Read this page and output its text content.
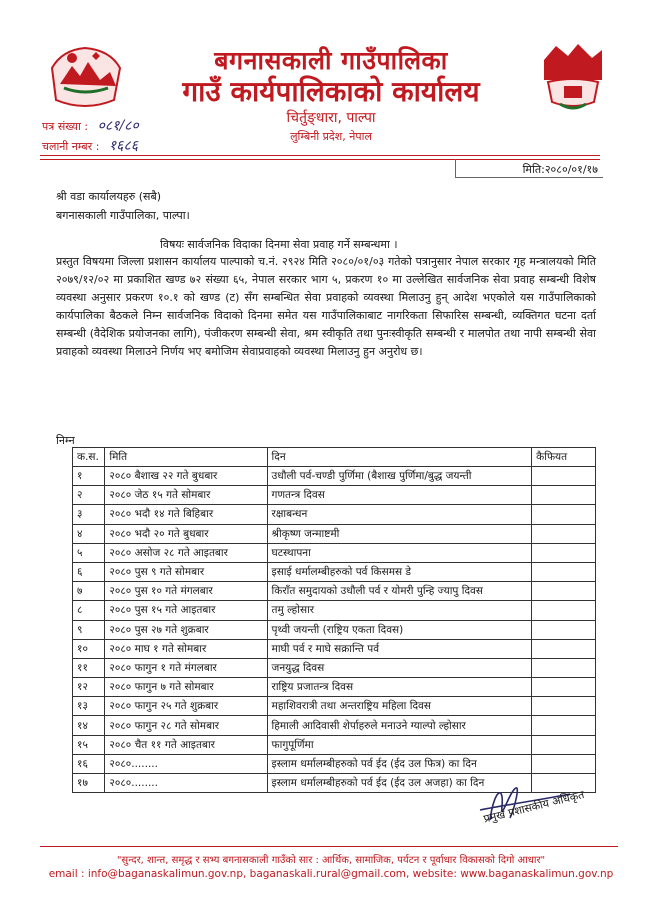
बगनासकाली गाउँपालिका
गाउँ कार्यपालिकाको कार्यालय
चिर्तुङ्धारा, पाल्पा
लुम्बिनी प्रदेश, नेपाल
पत्र संख्या : ०८१/८०
चलानी नम्बर : १६८६
मिति:२०८०/०१/१७
श्री वडा कार्यालयहरु (सबै)
बगनासकाली गाउँपालिका, पाल्पा।
विषयः सार्वजनिक विदाका दिनमा सेवा प्रवाह गर्ने सम्बन्धमा ।
प्रस्तुत विषयमा जिल्ला प्रशासन कार्यालय पाल्पाको च.नं. २९२४ मिति २०८०/०१/०३ गतेको पत्रानुसार नेपाल सरकार गृह मन्त्रालयको मिति २०७९/१२/०२ मा प्रकाशित खण्ड ७२ संख्या ६५, नेपाल सरकार भाग ५, प्रकरण १० मा उल्लेखित सार्वजनिक सेवा प्रवाह सम्बन्धी विशेष व्यवस्था अनुसार प्रकरण १०.१ को खण्ड (ट) सँग सम्बन्धित सेवा प्रवाहको व्यवस्था मिलाउनु हुन् आदेश भएकोले यस गाउँपालिकाको कार्यपालिका बैठकले निम्न सार्वजनिक विदाको दिनमा समेत यस गाउँपालिकाबाट नागरिकता सिफारिस सम्बन्धी, व्यक्तिगत घटना दर्ता सम्बन्धी (वैदेशिक प्रयोजनका लागि), पंजीकरण सम्बन्धी सेवा, श्रम स्वीकृति तथा पुनःस्वीकृति सम्बन्धी र मालपोत तथा नापी सम्बन्धी सेवा प्रवाहको व्यवस्था मिलाउने निर्णय भए बमोजिम सेवाप्रवाहको व्यवस्था मिलाउनु हुन अनुरोध छ।
निम्न
क.स.	मिति	दिन	कैफियत
१	२०८० बैशाख २२ गते बुधबार	उधौली पर्व-चण्डी पुर्णिमा (बैशाख पुर्णिमा/बुद्ध जयन्ती	
२	२०८० जेठ १५ गते सोमबार	गणतन्त्र दिवस	
३	२०८० भदौ १४ गते बिहिबार	रक्षाबन्धन	
४	२०८० भदौ २० गते बुधबार	श्रीकृष्ण जन्माष्टमी	
५	२०८० असोज २८ गते आइतबार	घटस्थापना	
६	२०८० पुस ९ गते सोमबार	इसाई धर्मालम्बीहरुको पर्व किसमस डे	
७	२०८० पुस १० गते मंगलबार	किराँत समुदायको उधौली पर्व र योमरी पुन्हि ज्यापु दिवस	
८	२०८० पुस १५ गते आइतबार	तमु ल्होसार	
९	२०८० पुस २७ गते शुक्रबार	पृथ्वी जयन्ती (राष्ट्रिय एकता दिवस)	
१०	२०८० माघ १ गते सोमबार	माघी पर्व र माघे सक्रान्ति पर्व	
११	२०८० फागुन १ गते मंगलबार	जनयुद्ध दिवस	
१२	२०८० फागुन ७ गते सोमबार	राष्ट्रिय प्रजातन्त्र दिवस	
१३	२०८० फागुन २५ गते शुक्रबार	महाशिवरात्री तथा अन्तराष्ट्रिय महिला दिवस	
१४	२०८० फागुन २८ गते सोमबार	हिमाली आदिवासी शेर्पाहरुले मनाउने ग्याल्पो ल्होसार	
१५	२०८० चैत ११ गते आइतबार	फागुपूर्णिमा	
१६	२०८०........	इस्लाम धर्मालम्बीहरुको पर्व ईद (ईद उल फित्र) का दिन	
१७	२०८०........	इस्लाम धर्मालम्बीहरुको पर्व ईद (ईद उल अजहा) का दिन	
प्रमुख प्रशासकीय अधिकृत
"सुन्दर, शान्त, समृद्ध र सभ्य बगनासकाली गाउँको सार : आर्थिक, सामाजिक, पर्यटन र पूर्वाधार विकासको दिगो आधार"
email : info@baganaskalimun.gov.np, baganaskali.rural@gmail.com, website: www.baganaskalimun.gov.np
